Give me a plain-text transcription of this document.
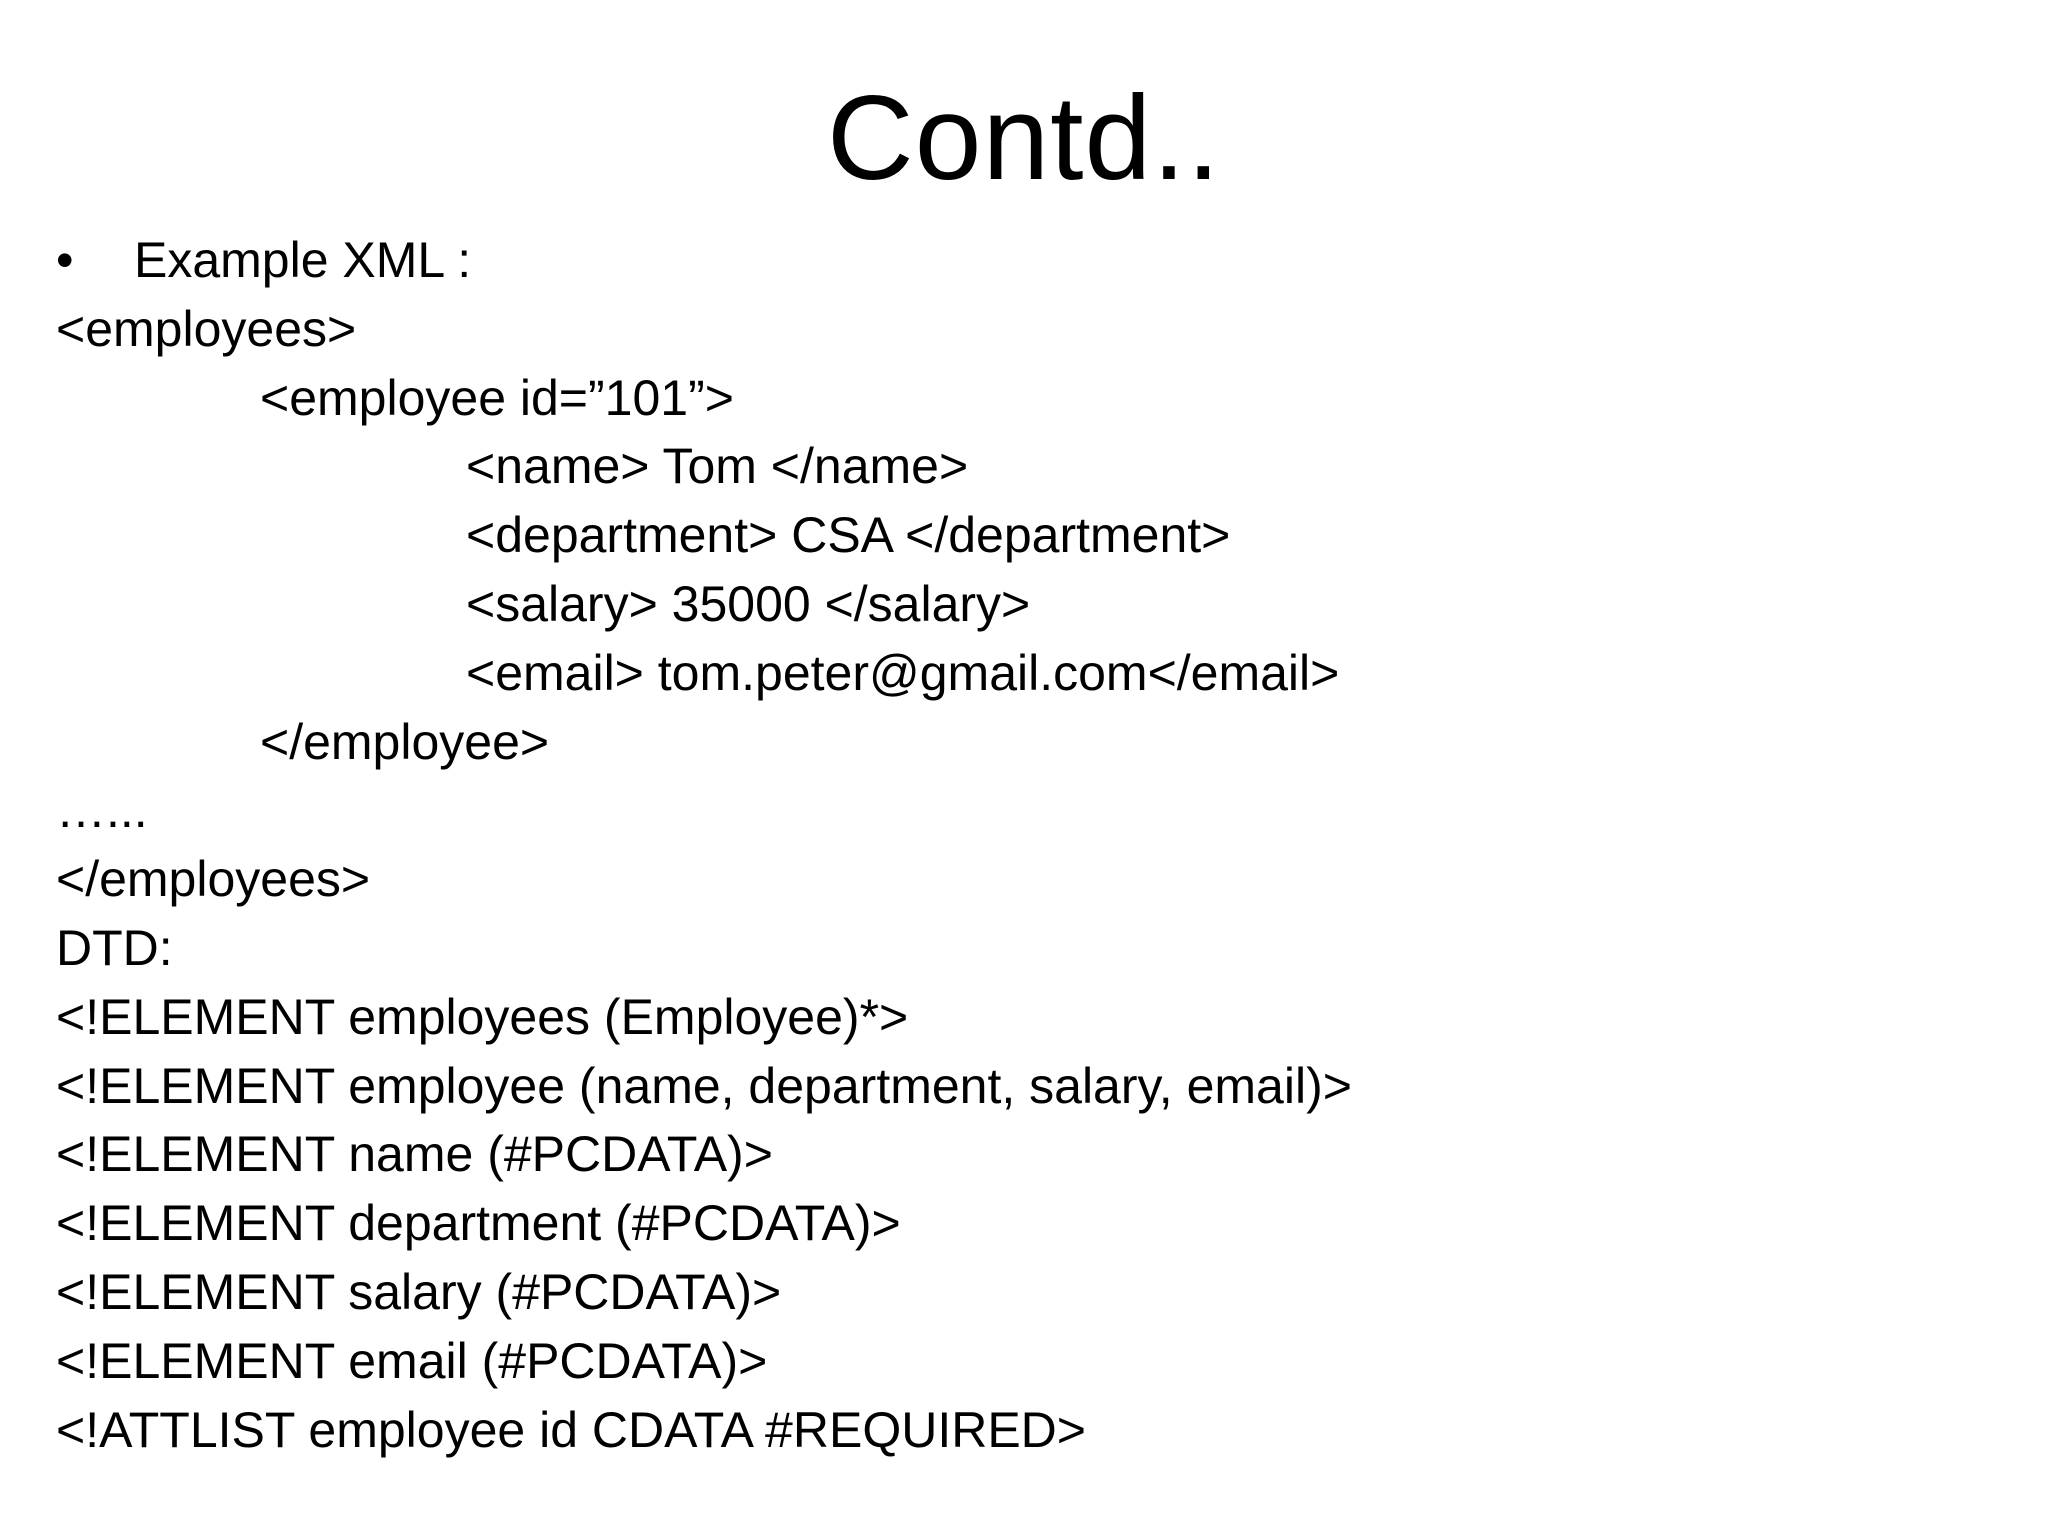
Contd..
• Example XML :
<employees>
<employee id=”101”>
<name> Tom </name>
<department> CSA </department>
<salary> 35000 </salary>
<email> tom.peter@gmail.com</email>
</employee>
…...
</employees>
DTD:
<!ELEMENT employees (Employee)*>
<!ELEMENT employee (name, department, salary, email)>
<!ELEMENT name (#PCDATA)>
<!ELEMENT department (#PCDATA)>
<!ELEMENT salary (#PCDATA)>
<!ELEMENT email (#PCDATA)>
<!ATTLIST employee id CDATA #REQUIRED>
